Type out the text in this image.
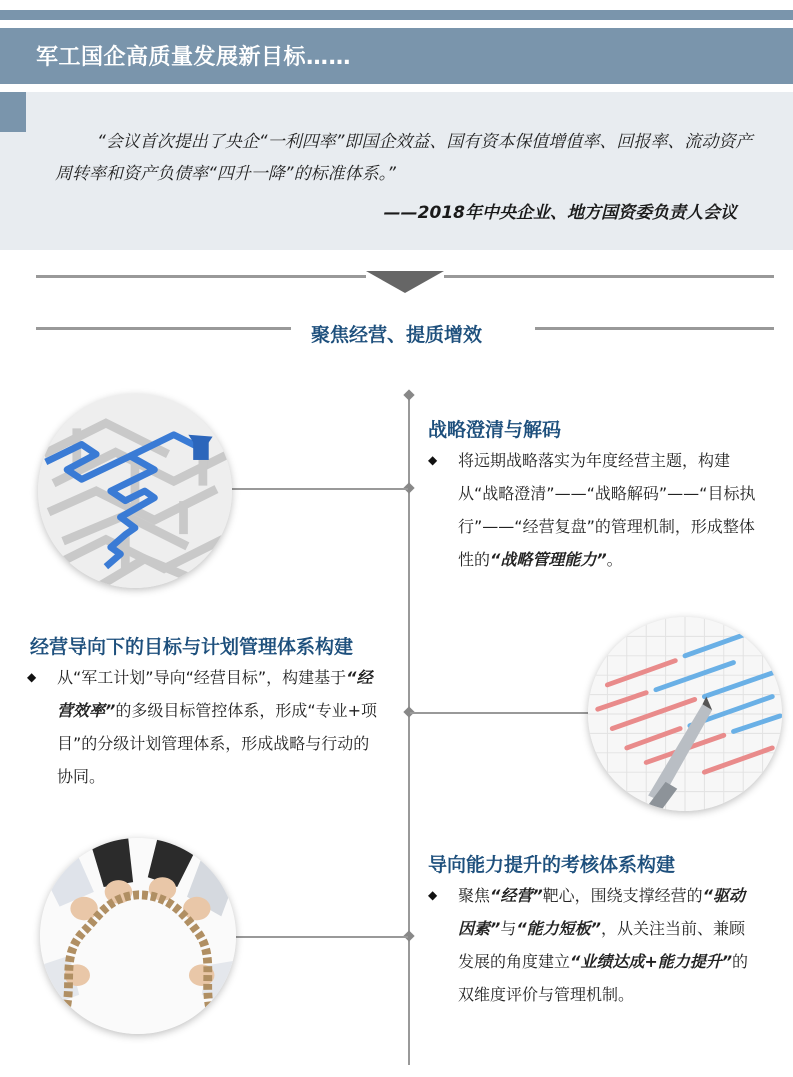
军工国企高质量发展新目标……
“会议首次提出了央企“一利四率”即国企效益、国有资本保值增值率、回报率、流动资产周转率和资产负债率“四升一降”的标准体系。”
——2018年中央企业、地方国资委负责人会议
聚焦经营、提质增效
战略澄清与解码
◆ 将远期战略落实为年度经营主题，构建从“战略澄清”——“战略解码”——“目标执行”——“经营复盘”的管理机制，形成整体性的“战略管理能力”。
经营导向下的目标与计划管理体系构建
◆ 从“军工计划”导向“经营目标”，构建基于“经营效率”的多级目标管控体系，形成“专业+项目”的分级计划管理体系，形成战略与行动的协同。
导向能力提升的考核体系构建
◆ 聚焦“经营”靶心，围绕支撑经营的“驱动因素”与“能力短板”，从关注当前、兼顾发展的角度建立“业绩达成+能力提升”的双维度评价与管理机制。
